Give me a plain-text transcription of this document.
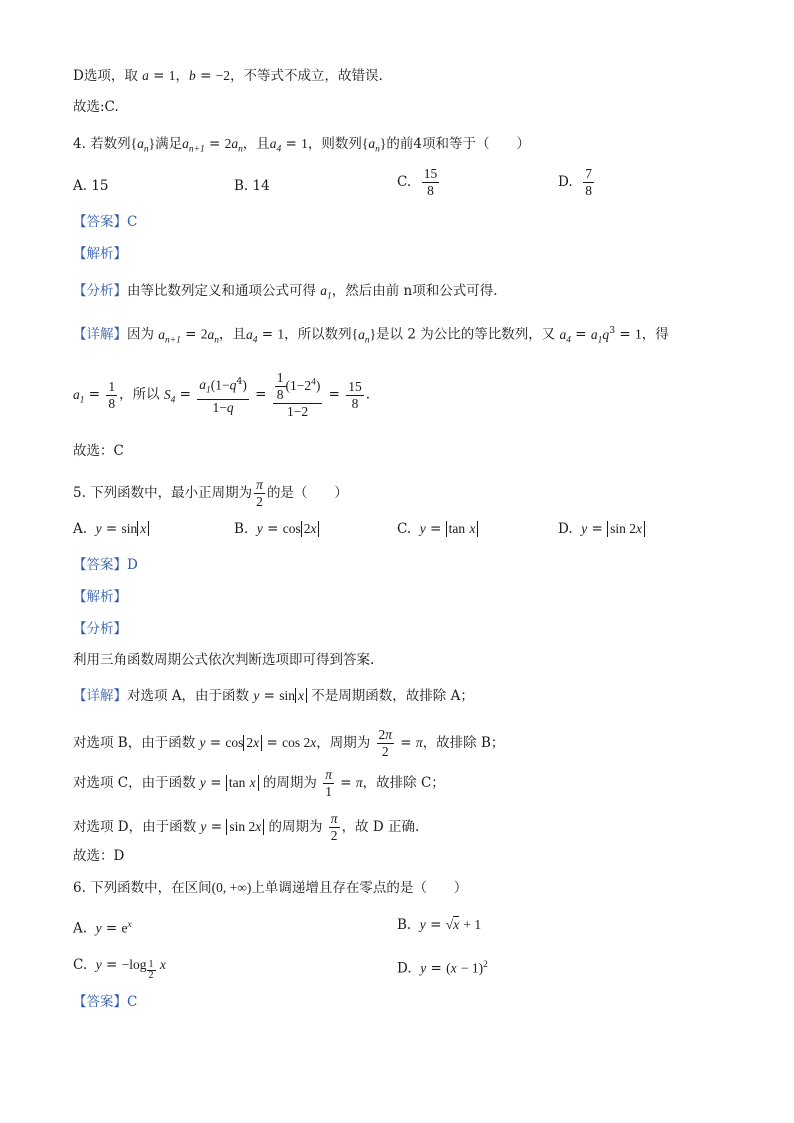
D选项，取 a = 1，b = −2，不等式不成立，故错误.
故选:C.
4. 若数列$\{a_n\}$满足$a_{n+1} = 2a_n$，且$a_4 = 1$，则数列$\{a_n\}$的前4项和等于（　　）
A. 15	B. 14	C. $\frac{15}{8}$	D. $\frac{7}{8}$
【答案】C
【解析】
【分析】由等比数列定义和通项公式可得 $a_1$，然后由前 n项和公式可得.
【详解】因为 $a_{n+1} = 2a_n$，且$a_4 = 1$，所以数列$\{a_n\}$是以 2 为公比的等比数列，又 $a_4 = a_1q^3 = 1$，得
$a_1 = \frac{1}{8}$ ，所以 $S_4 = \frac{a_1(1-q^4)}{1-q} = \frac{\frac{1}{8} (1-2^4)}{1-2} = \frac{15}{8}$ .
故选：C
5. 下列函数中，最小正周期为 $\frac{\pi}{2}$ 的是（　　）
A.  y = sin x	B.  y = cos 2x	C.  y = tan x	D.  y = sin 2x
【答案】D
【解析】
【分析】
利用三角函数周期公式依次判断选项即可得到答案.
【详解】对选项 A，由于函数 y = sin x 不是周期函数，故排除 A；
对选项 B，由于函数 y = cos 2x = cos 2x，周期为 $\frac{2\pi}{2} = \pi$，故排除 B；
对选项 C，由于函数 y = tan x 的周期为 $\frac{\pi}{1} = \pi$，故排除 C；
对选项 D，由于函数 y = sin 2x 的周期为 $\frac{\pi}{2}$ ，故 D 正确.
故选：D
6. 下列函数中，在区间(0, +∞)上单调递增且存在零点的是（　　）
A.  $y = e^x$	B.  y = √x + 1
C.  y = −log $_{\frac{1}{2}}$ x	D.  $y = (x - 1)^2$
【答案】C
